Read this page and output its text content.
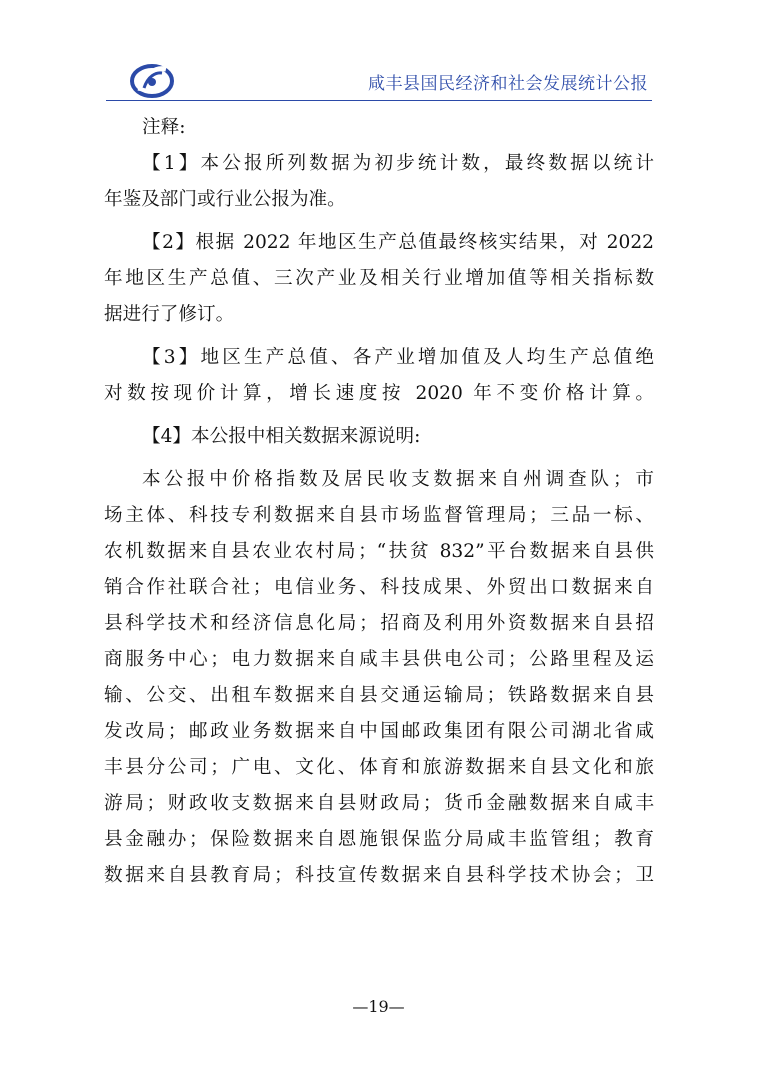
咸丰县国民经济和社会发展统计公报
注释:
【1】本公报所列数据为初步统计数，最终数据以统计
年鉴及部门或行业公报为准。
【2】根据 2022 年地区生产总值最终核实结果，对 2022
年地区生产总值、三次产业及相关行业增加值等相关指标数
据进行了修订。
【3】地区生产总值、各产业增加值及人均生产总值绝
对数按现价计算，增长速度按 2020 年不变价格计算。
【4】本公报中相关数据来源说明:
本公报中价格指数及居民收支数据来自州调查队；市
场主体、科技专利数据来自县市场监督管理局；三品一标、
农机数据来自县农业农村局；“扶贫 832”平台数据来自县供
销合作社联合社；电信业务、科技成果、外贸出口数据来自
县科学技术和经济信息化局；招商及利用外资数据来自县招
商服务中心；电力数据来自咸丰县供电公司；公路里程及运
输、公交、出租车数据来自县交通运输局；铁路数据来自县
发改局；邮政业务数据来自中国邮政集团有限公司湖北省咸
丰县分公司；广电、文化、体育和旅游数据来自县文化和旅
游局；财政收支数据来自县财政局；货币金融数据来自咸丰
县金融办；保险数据来自恩施银保监分局咸丰监管组；教育
数据来自县教育局；科技宣传数据来自县科学技术协会；卫
—19—
